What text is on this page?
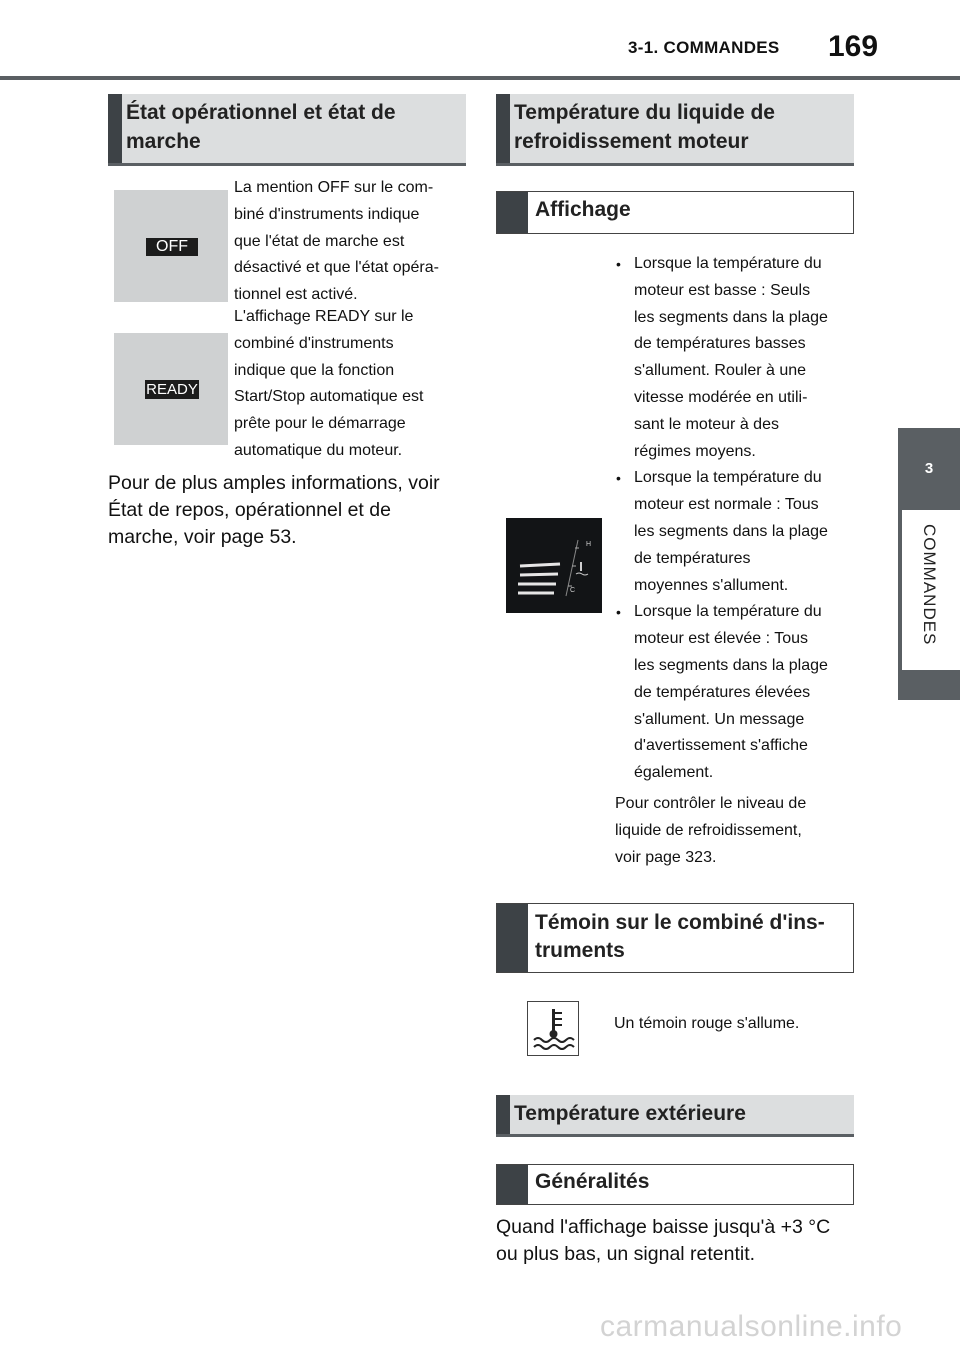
3-1. COMMANDES 169
3
COMMANDES
État opérationnel et état de
marche
OFF
La mention OFF sur le com-
biné d'instruments indique
que l'état de marche est
désactivé et que l'état opéra-
tionnel est activé.
READY
L'affichage READY sur le
combiné d'instruments
indique que la fonction
Start/Stop automatique est
prête pour le démarrage
automatique du moteur.
Pour de plus amples informations, voir
État de repos, opérationnel et de
marche, voir page 53.
Température du liquide de
refroidissement moteur
Affichage
H
C
• Lorsque la température du
moteur est basse : Seuls
les segments dans la plage
de températures basses
s'allument. Rouler à une
vitesse modérée en utili-
sant le moteur à des
régimes moyens.
• Lorsque la température du
moteur est normale : Tous
les segments dans la plage
de températures
moyennes s'allument.
• Lorsque la température du
moteur est élevée : Tous
les segments dans la plage
de températures élevées
s'allument. Un message
d'avertissement s'affiche
également.
Pour contrôler le niveau de
liquide de refroidissement,
voir page 323.
Témoin sur le combiné d'ins-
truments
Un témoin rouge s'allume.
Température extérieure
Généralités
Quand l'affichage baisse jusqu'à +3 °C
ou plus bas, un signal retentit.
carmanualsonline.info
